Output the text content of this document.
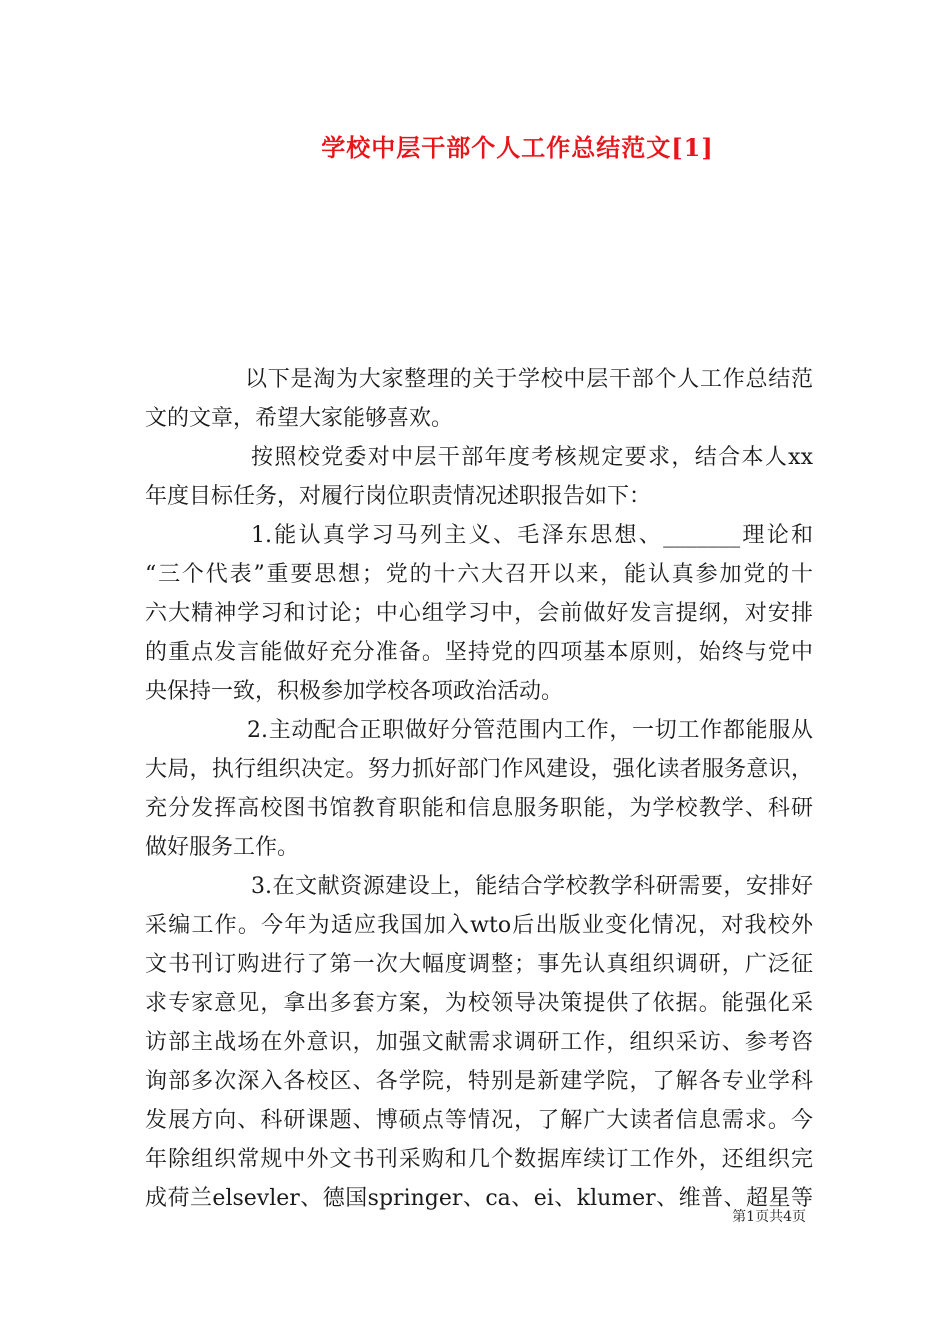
学校中层干部个人工作总结范文[1]
以下是淘为大家整理的关于学校中层干部个人工作总结范
文的文章，希望大家能够喜欢。
按照校党委对中层干部年度考核规定要求，结合本人xx
年度目标任务，对履行岗位职责情况述职报告如下：
1.能认真学习马列主义、毛泽东思想、_______理论和
“三个代表”重要思想；党的十六大召开以来，能认真参加党的十
六大精神学习和讨论；中心组学习中，会前做好发言提纲，对安排
的重点发言能做好充分准备。坚持党的四项基本原则，始终与党中
央保持一致，积极参加学校各项政治活动。
2.主动配合正职做好分管范围内工作，一切工作都能服从
大局，执行组织决定。努力抓好部门作风建设，强化读者服务意识，
充分发挥高校图书馆教育职能和信息服务职能，为学校教学、科研
做好服务工作。
3.在文献资源建设上，能结合学校教学科研需要，安排好
采编工作。今年为适应我国加入wto后出版业变化情况，对我校外
文书刊订购进行了第一次大幅度调整；事先认真组织调研，广泛征
求专家意见，拿出多套方案，为校领导决策提供了依据。能强化采
访部主战场在外意识，加强文献需求调研工作，组织采访、参考咨
询部多次深入各校区、各学院，特别是新建学院，了解各专业学科
发展方向、科研课题、博硕点等情况，了解广大读者信息需求。今
年除组织常规中外文书刊采购和几个数据库续订工作外，还组织完
成荷兰elsevler、德国springer、ca、ei、klumer、维普、超星等
第1页共4页
